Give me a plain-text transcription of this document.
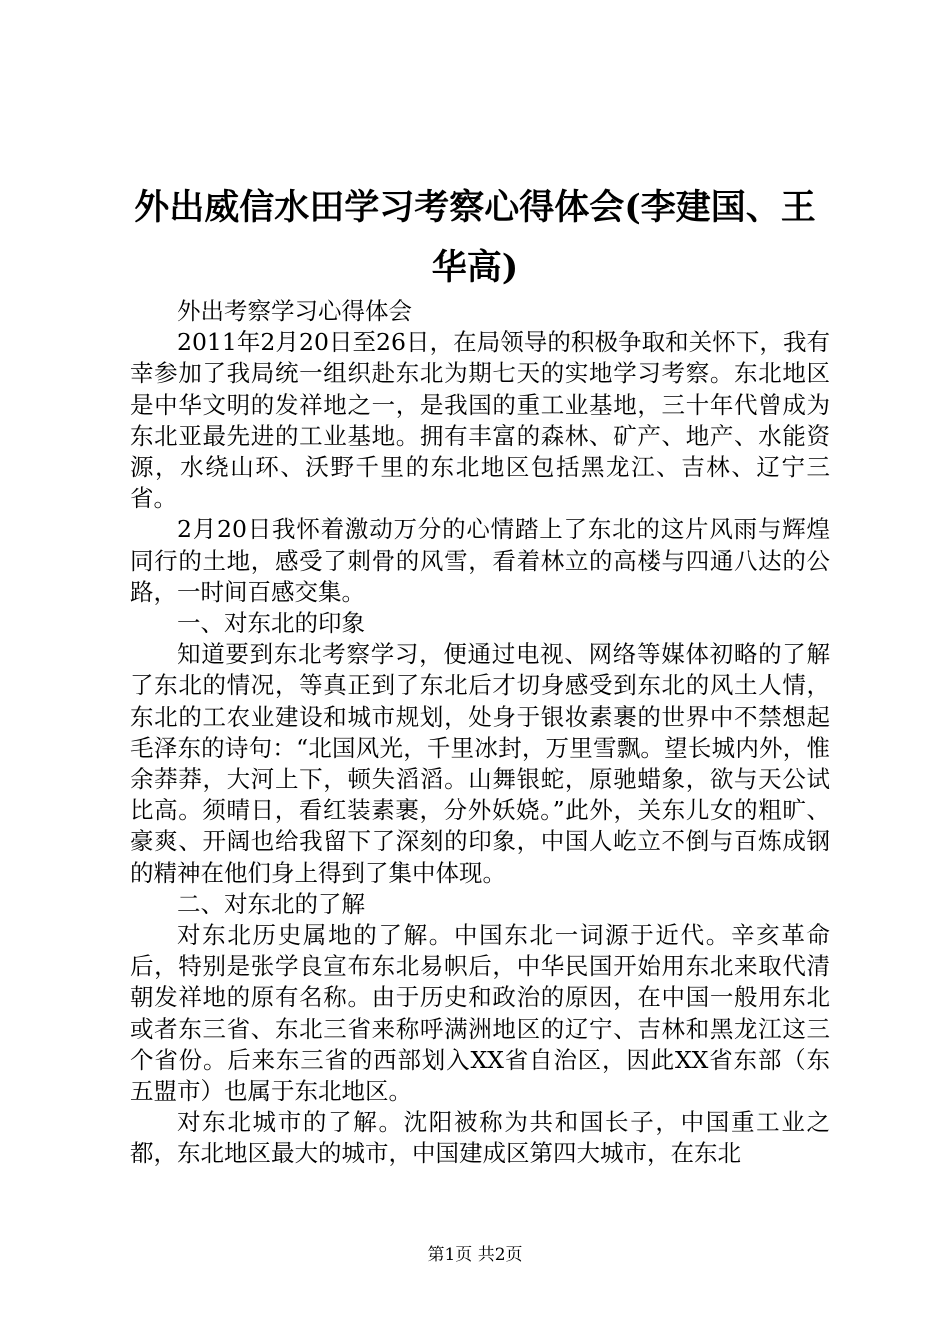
外出威信水田学习考察心得体会(李建国、王华高)

外出考察学习心得体会

2011年2月20日至26日，在局领导的积极争取和关怀下，我有幸参加了我局统一组织赴东北为期七天的实地学习考察。东北地区是中华文明的发祥地之一，是我国的重工业基地，三十年代曾成为东北亚最先进的工业基地。拥有丰富的森林、矿产、地产、水能资源，水绕山环、沃野千里的东北地区包括黑龙江、吉林、辽宁三省。

2月20日我怀着激动万分的心情踏上了东北的这片风雨与辉煌同行的土地，感受了刺骨的风雪，看着林立的高楼与四通八达的公路，一时间百感交集。

一、对东北的印象

知道要到东北考察学习，便通过电视、网络等媒体初略的了解了东北的情况，等真正到了东北后才切身感受到东北的风土人情，东北的工农业建设和城市规划，处身于银妆素裹的世界中不禁想起毛泽东的诗句：“北国风光，千里冰封，万里雪飘。望长城内外，惟余莽莽，大河上下，顿失滔滔。山舞银蛇，原驰蜡象，欲与天公试比高。须晴日，看红装素裹，分外妖娆。”此外，关东儿女的粗旷、豪爽、开阔也给我留下了深刻的印象，中国人屹立不倒与百炼成钢的精神在他们身上得到了集中体现。

二、对东北的了解

对东北历史属地的了解。中国东北一词源于近代。辛亥革命后，特别是张学良宣布东北易帜后，中华民国开始用东北来取代清朝发祥地的原有名称。由于历史和政治的原因，在中国一般用东北或者东三省、东北三省来称呼满洲地区的辽宁、吉林和黑龙江这三个省份。后来东三省的西部划入XX省自治区，因此XX省东部（东五盟市）也属于东北地区。

对东北城市的了解。沈阳被称为共和国长子，中国重工业之都，东北地区最大的城市，中国建成区第四大城市，在东北

第1页 共2页
